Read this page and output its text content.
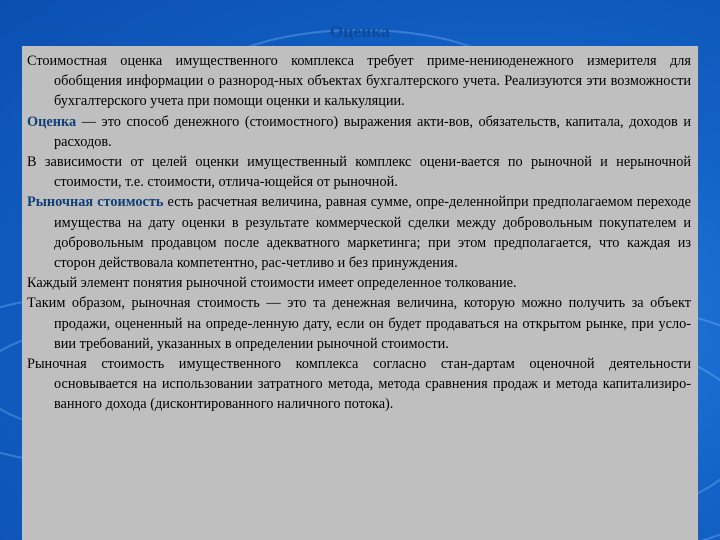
Оценка

Стоимостная оценка имущественного комплекса требует приме-нениюденежного измерителя для обобщения информации о разнород-ных объектах бухгалтерского учета. Реализуются эти возможности бухгалтерского учета при помощи оценки и калькуляции.

Оценка — это способ денежного (стоимостного) выражения акти-вов, обязательств, капитала, доходов и расходов.

В зависимости от целей оценки имущественный комплекс оцени-вается по рыночной и нерыночной стоимости, т.е. стоимости, отлича-ющейся от рыночной.

Рыночная стоимость есть расчетная величина, равная сумме, опре-деленнойпри предполагаемом переходе имущества на дату оценки в результате коммерческой сделки между добровольным покупателем и добровольным продавцом после адекватного маркетинга; при этом предполагается, что каждая из сторон действовала компетентно, рас-четливо и без принуждения.

Каждый элемент понятия рыночной стоимости имеет определенное толкование.

Таким образом, рыночная стоимость — это та денежная величина, которую можно получить за объект продажи, оцененный на опреде-ленную дату, если он будет продаваться на открытом рынке, при усло-вии требований, указанных в определении рыночной стоимости.

Рыночная стоимость имущественного комплекса согласно стан-дартам оценочной деятельности основывается на использовании затратного метода, метода сравнения продаж и метода капитализиро-ванного дохода (дисконтированного наличного потока).
